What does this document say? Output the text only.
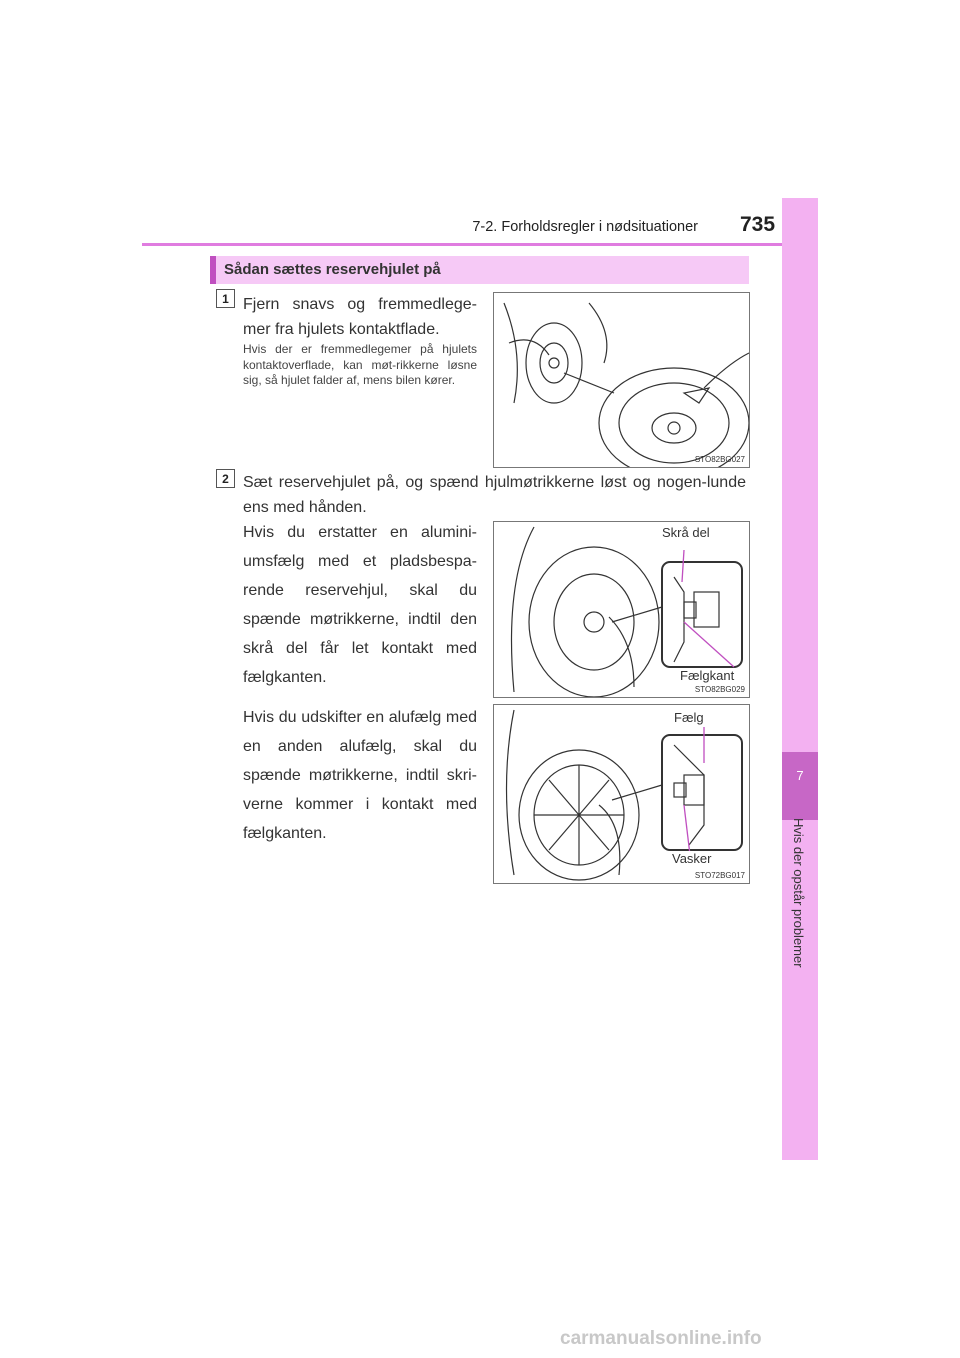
7-2. Forholdsregler i nødsituationer 735
7
Hvis der opstår problemer
Sådan sættes reservehjulet på
1 Fjern snavs og fremmedlege-mer fra hjulets kontaktflade.
Hvis der er fremmedlegemer på hjulets kontaktoverflade, kan møt-rikkerne løsne sig, så hjulet falder af, mens bilen kører.
STO82BG027
2 Sæt reservehjulet på, og spænd hjulmøtrikkerne løst og nogen-lunde ens med hånden.
Hvis du erstatter en alumini-umsfælg med et pladsbespa-rende reservehjul, skal du spænde møtrikkerne, indtil den skrå del får let kontakt med fælgkanten.
Skrå del
Fælgkant
STO82BG029
Hvis du udskifter en alufælg med en anden alufælg, skal du spænde møtrikkerne, indtil skri-verne kommer i kontakt med fælgkanten.
Fælg
Vasker
STO72BG017
carmanualsonline.info
